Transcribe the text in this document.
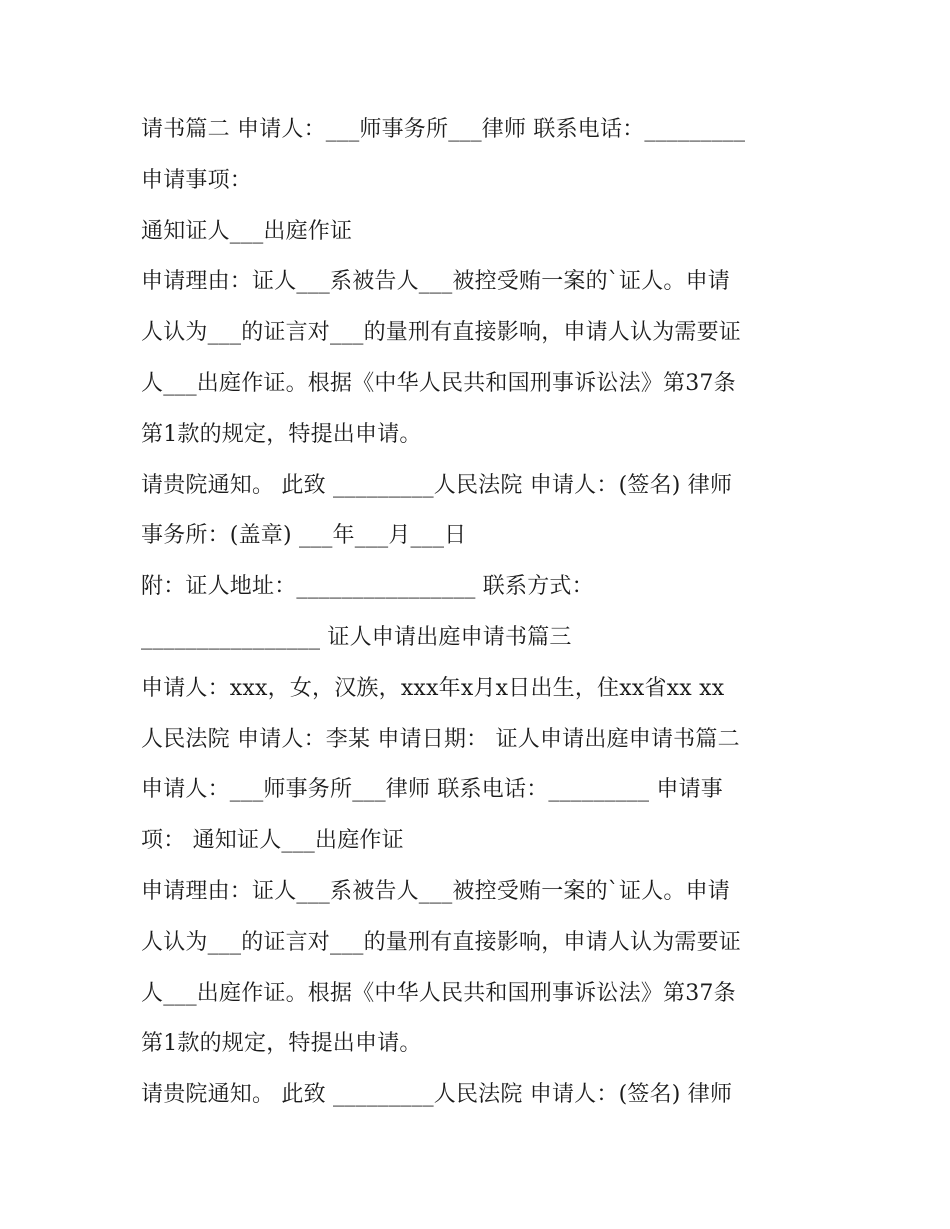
请书篇二 申请人：___师事务所___律师 联系电话：_________
申请事项：
通知证人___出庭作证
申请理由：证人___系被告人___被控受贿一案的`证人。申请
人认为___的证言对___的量刑有直接影响，申请人认为需要证
人___出庭作证。根据《中华人民共和国刑事诉讼法》第37条
第1款的规定，特提出申请。
请贵院通知。 此致 _________人民法院 申请人：(签名) 律师
事务所：(盖章) ___年___月___日
附：证人地址：________________ 联系方式：
________________ 证人申请出庭申请书篇三
申请人：xxx，女，汉族，xxx年x月x日出生，住xx省xx xx
人民法院 申请人：李某 申请日期： 证人申请出庭申请书篇二
申请人：___师事务所___律师 联系电话：_________ 申请事
项： 通知证人___出庭作证
申请理由：证人___系被告人___被控受贿一案的`证人。申请
人认为___的证言对___的量刑有直接影响，申请人认为需要证
人___出庭作证。根据《中华人民共和国刑事诉讼法》第37条
第1款的规定，特提出申请。
请贵院通知。 此致 _________人民法院 申请人：(签名) 律师
